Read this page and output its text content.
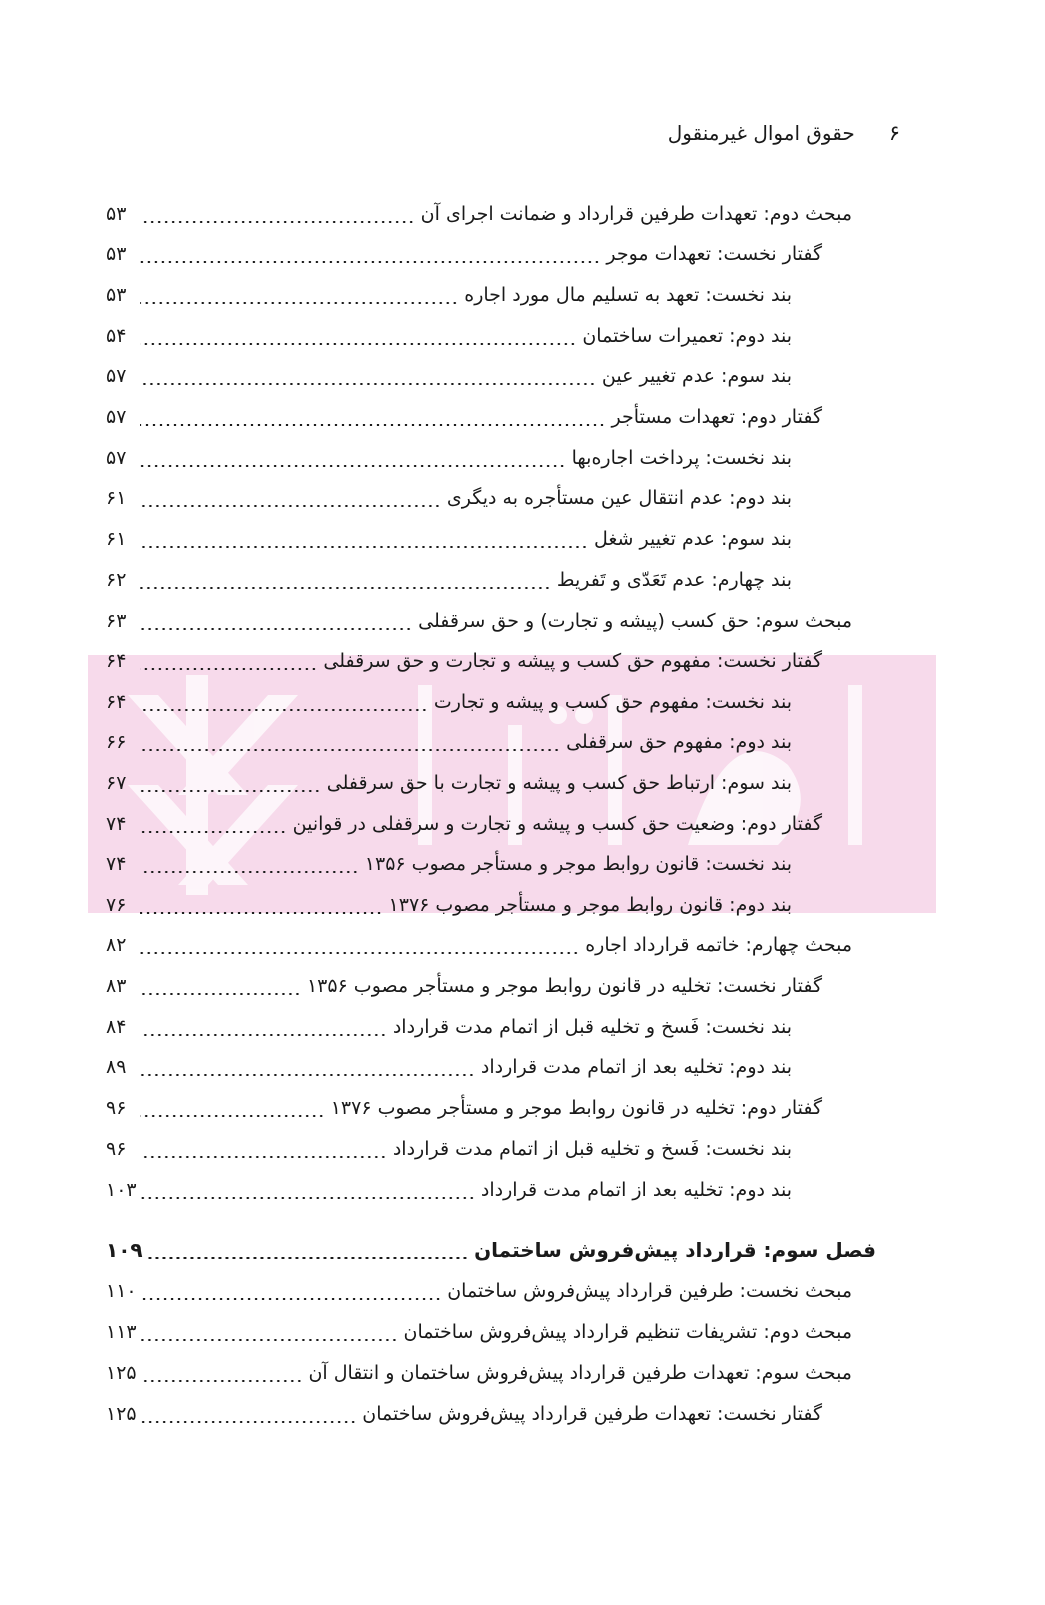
۶
حقوق اموال غیرمنقول
مبحث دوم: تعهدات طرفین قرارداد و ضمانت اجرای آن
۵۳
گفتار نخست: تعهدات موجر
۵۳
بند نخست: تعهد به تسلیم مال مورد اجاره
۵۳
بند دوم: تعمیرات ساختمان
۵۴
بند سوم: عدم تغییر عین
۵۷
گفتار دوم: تعهدات مستأجر
۵۷
بند نخست: پرداخت اجاره‌بها
۵۷
بند دوم: عدم انتقال عین مستأجره به دیگری
۶۱
بند سوم: عدم تغییر شغل
۶۱
بند چهارم: عدم تَعَدّی و تَفریط
۶۲
مبحث سوم: حق کسب (پیشه و تجارت) و حق سرقفلی
۶۳
گفتار نخست: مفهوم حق کسب و پیشه و تجارت و حق سرقفلی
۶۴
بند نخست: مفهوم حق کسب و پیشه و تجارت
۶۴
بند دوم: مفهوم حق سرقفلی
۶۶
بند سوم: ارتباط حق کسب و پیشه و تجارت با حق سرقفلی
۶۷
گفتار دوم: وضعیت حق کسب و پیشه و تجارت و سرقفلی در قوانین
۷۴
بند نخست: قانون روابط موجر و مستأجر مصوب ۱۳۵۶
۷۴
بند دوم: قانون روابط موجر و مستأجر مصوب ۱۳۷۶
۷۶
مبحث چهارم: خاتمه قرارداد اجاره
۸۲
گفتار نخست: تخلیه در قانون روابط موجر و مستأجر مصوب ۱۳۵۶
۸۳
بند نخست: فَسخ و تخلیه قبل از اتمام مدت قرارداد
۸۴
بند دوم: تخلیه بعد از اتمام مدت قرارداد
۸۹
گفتار دوم: تخلیه در قانون روابط موجر و مستأجر مصوب ۱۳۷۶
۹۶
بند نخست: فَسخ و تخلیه قبل از اتمام مدت قرارداد
۹۶
بند دوم: تخلیه بعد از اتمام مدت قرارداد
۱۰۳
فصل سوم: قرارداد پیش‌فروش ساختمان
۱۰۹
مبحث نخست: طرفین قرارداد پیش‌فروش ساختمان
۱۱۰
مبحث دوم: تشریفات تنظیم قرارداد پیش‌فروش ساختمان
۱۱۳
مبحث سوم: تعهدات طرفین قرارداد پیش‌فروش ساختمان و انتقال آن
۱۲۵
گفتار نخست: تعهدات طرفین قرارداد پیش‌فروش ساختمان
۱۲۵
